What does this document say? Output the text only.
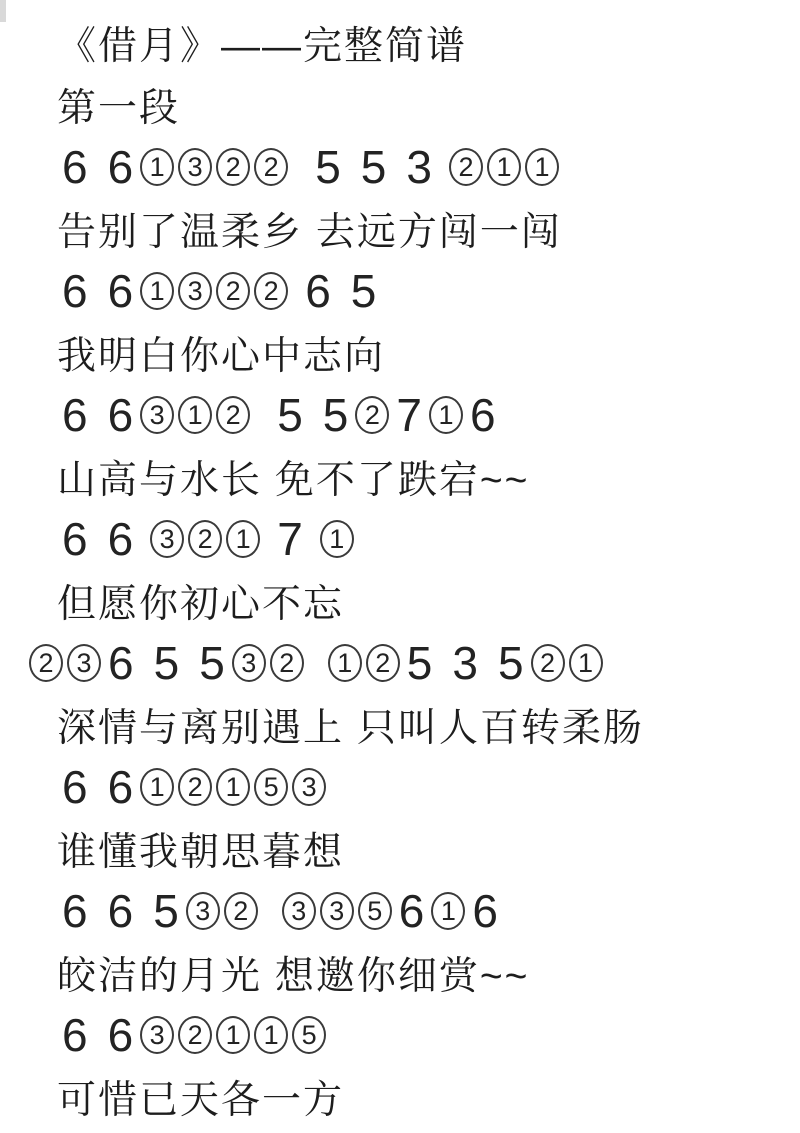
《借月》——完整简谱
第一段
6 6 1 3 2 2 5 5 3 2 1 1
告别了温柔乡 去远方闯一闯
6 6 1 3 2 2 6 5
我明白你心中志向
6 6 3 1 2 5 5 2 7 1 6
山高与水长 免不了跌宕~~
6 6 3 2 1 7 1
但愿你初心不忘
2 3 6 5 5 3 2	1 2 5 3 5 2 1
深情与离别遇上 只叫人百转柔肠
6 6 1 2 1 5 3
谁懂我朝思暮想
6 6 5 3 2	3 3 5 6 1 6
皎洁的月光 想邀你细赏~~
6 6 3 2 1 1 5
可惜已天各一方
